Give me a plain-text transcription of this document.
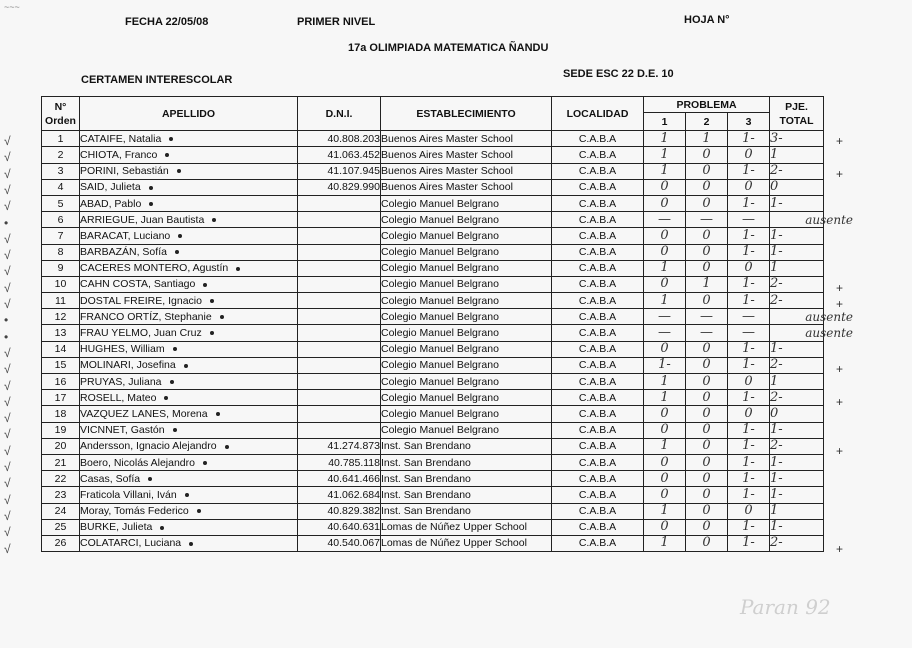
~~~
FECHA 22/05/08	PRIMER NIVEL	HOJA N°
17a OLIMPIADA MATEMATICA ÑANDU
CERTAMEN INTERESCOLAR	SEDE ESC 22 D.E. 10
N°
Orden	APELLIDO	D.N.I.	ESTABLECIMIENTO	LOCALIDAD	PROBLEMA			PJE.
TOTAL
					1	2	3	
1	CATAIFE, Natalia	40.808.203	Buenos Aires Master School	C.A.B.A	1	1	1-	3-
2	CHIOTA, Franco	41.063.452	Buenos Aires Master School	C.A.B.A	1	0	0	1
3	PORINI, Sebastián	41.107.945	Buenos Aires Master School	C.A.B.A	1	0	1-	2-
4	SAID, Julieta	40.829.990	Buenos Aires Master School	C.A.B.A	0	0	0	0
5	ABAD, Pablo		Colegio Manuel Belgrano	C.A.B.A	0	0	1-	1-
6	ARRIEGUE, Juan Bautista		Colegio Manuel Belgrano	C.A.B.A	—	—	—	ausente
7	BARACAT, Luciano		Colegio Manuel Belgrano	C.A.B.A	0	0	1-	1-
8	BARBAZÁN, Sofía		Colegio Manuel Belgrano	C.A.B.A	0	0	1-	1-
9	CACERES MONTERO, Agustín		Colegio Manuel Belgrano	C.A.B.A	1	0	0	1
10	CAHN COSTA, Santiago		Colegio Manuel Belgrano	C.A.B.A	0	1	1-	2-
11	DOSTAL FREIRE, Ignacio		Colegio Manuel Belgrano	C.A.B.A	1	0	1-	2-
12	FRANCO ORTÍZ, Stephanie		Colegio Manuel Belgrano	C.A.B.A	—	—	—	ausente
13	FRAU YELMO, Juan Cruz		Colegio Manuel Belgrano	C.A.B.A	—	—	—	ausente
14	HUGHES, William		Colegio Manuel Belgrano	C.A.B.A	0	0	1-	1-
15	MOLINARI, Josefina		Colegio Manuel Belgrano	C.A.B.A	1-	0	1-	2-
16	PRUYAS, Juliana		Colegio Manuel Belgrano	C.A.B.A	1	0	0	1
17	ROSELL, Mateo		Colegio Manuel Belgrano	C.A.B.A	1	0	1-	2-
18	VAZQUEZ LANES, Morena		Colegio Manuel Belgrano	C.A.B.A	0	0	0	0
19	VICNNET, Gastón		Colegio Manuel Belgrano	C.A.B.A	0	0	1-	1-
20	Andersson, Ignacio Alejandro	41.274.873	Inst. San Brendano	C.A.B.A	1	0	1-	2-
21	Boero, Nicolás Alejandro	40.785.118	Inst. San Brendano	C.A.B.A	0	0	1-	1-
22	Casas, Sofía	40.641.466	Inst. San Brendano	C.A.B.A	0	0	1-	1-
23	Fraticola Villani, Iván	41.062.684	Inst. San Brendano	C.A.B.A	0	0	1-	1-
24	Moray, Tomás Federico	40.829.382	Inst. San Brendano	C.A.B.A	1	0	0	1
25	BURKE, Julieta	40.640.631	Lomas de Núñez Upper School	C.A.B.A	0	0	1-	1-
26	COLATARCI, Luciana	40.540.067	Lomas de Núñez Upper School	C.A.B.A	1	0	1-	2-
√
√
√
√
√
•
√
√
√
√
√
•
•
√
√
√
√
√
√
√
√
√
√
√
√
√
+
+
+
+
+
+
+
+
Paran 92
